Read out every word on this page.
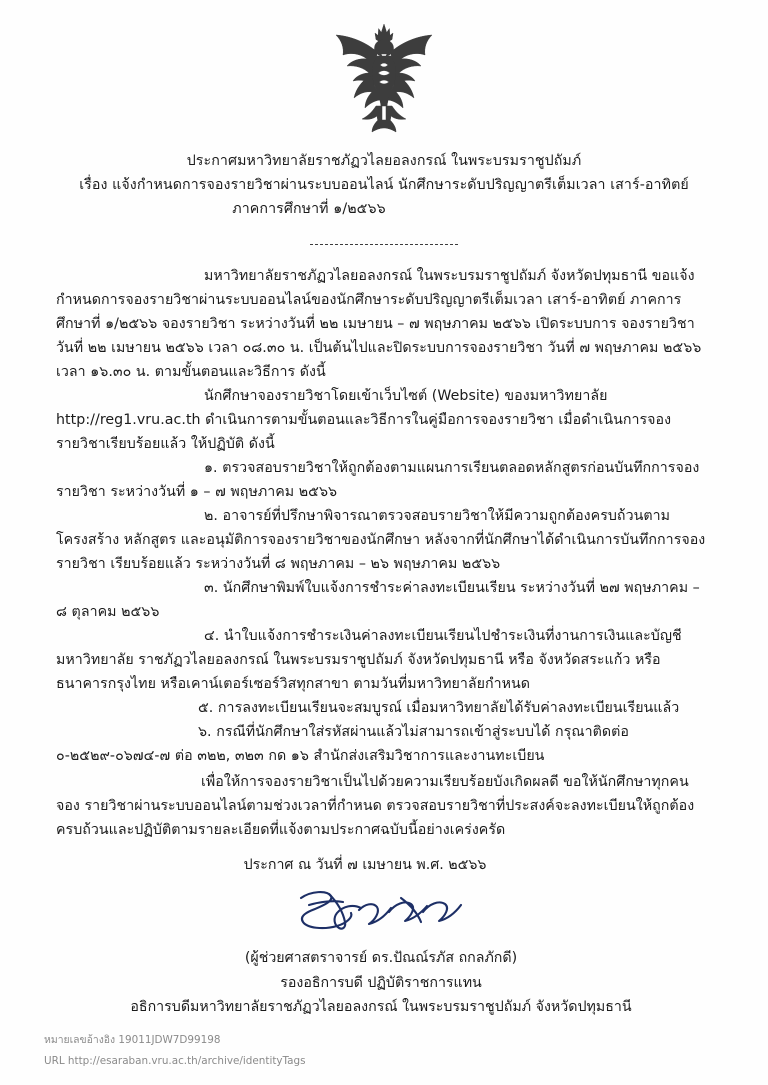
ประกาศมหาวิทยาลัยราชภัฏวไลยอลงกรณ์ ในพระบรมราชูปถัมภ์
เรื่อง แจ้งกำหนดการจองรายวิชาผ่านระบบออนไลน์ นักศึกษาระดับปริญญาตรีเต็มเวลา เสาร์-อาทิตย์
ภาคการศึกษาที่ ๑/๒๕๖๖

มหาวิทยาลัยราชภัฏวไลยอลงกรณ์ ในพระบรมราชูปถัมภ์ จังหวัดปทุมธานี ขอแจ้งกำหนดการจองรายวิชาผ่านระบบออนไลน์ของนักศึกษาระดับปริญญาตรีเต็มเวลา เสาร์-อาทิตย์ ภาคการศึกษาที่ ๑/๒๕๖๖ จองรายวิชา ระหว่างวันที่ ๒๒ เมษายน – ๗ พฤษภาคม ๒๕๖๖ เปิดระบบการ จองรายวิชาวันที่ ๒๒ เมษายน ๒๕๖๖ เวลา ๐๘.๓๐ น. เป็นต้นไปและปิดระบบการจองรายวิชา วันที่ ๗ พฤษภาคม ๒๕๖๖ เวลา ๑๖.๓๐ น. ตามขั้นตอนและวิธีการ ดังนี้

นักศึกษาจองรายวิชาโดยเข้าเว็บไซต์ (Website) ของมหาวิทยาลัย http://reg1.vru.ac.th ดำเนินการตามขั้นตอนและวิธีการในคู่มือการจองรายวิชา เมื่อดำเนินการจองรายวิชาเรียบร้อยแล้ว ให้ปฏิบัติ ดังนี้

๑. ตรวจสอบรายวิชาให้ถูกต้องตามแผนการเรียนตลอดหลักสูตรก่อนบันทึกการจองรายวิชา ระหว่างวันที่ ๑ – ๗ พฤษภาคม ๒๕๖๖

๒. อาจารย์ที่ปรึกษาพิจารณาตรวจสอบรายวิชาให้มีความถูกต้องครบถ้วนตามโครงสร้าง หลักสูตร และอนุมัติการจองรายวิชาของนักศึกษา หลังจากที่นักศึกษาได้ดำเนินการบันทึกการจองรายวิชา เรียบร้อยแล้ว ระหว่างวันที่ ๘ พฤษภาคม – ๒๖ พฤษภาคม ๒๕๖๖

๓. นักศึกษาพิมพ์ใบแจ้งการชำระค่าลงทะเบียนเรียน ระหว่างวันที่ ๒๗ พฤษภาคม – ๘ ตุลาคม ๒๕๖๖

๔. นำใบแจ้งการชำระเงินค่าลงทะเบียนเรียนไปชำระเงินที่งานการเงินและบัญชี มหาวิทยาลัย ราชภัฏวไลยอลงกรณ์ ในพระบรมราชูปถัมภ์ จังหวัดปทุมธานี หรือ จังหวัดสระแก้ว หรือ ธนาคารกรุงไทย หรือเคาน์เตอร์เซอร์วิสทุกสาขา ตามวันที่มหาวิทยาลัยกำหนด

๕. การลงทะเบียนเรียนจะสมบูรณ์ เมื่อมหาวิทยาลัยได้รับค่าลงทะเบียนเรียนแล้ว

๖. กรณีที่นักศึกษาใส่รหัสผ่านแล้วไม่สามารถเข้าสู่ระบบได้ กรุณาติดต่อ ๐-๒๕๒๙-๐๖๗๔-๗ ต่อ ๓๒๒, ๓๒๓ กด ๑๖ สำนักส่งเสริมวิชาการและงานทะเบียน

เพื่อให้การจองรายวิชาเป็นไปด้วยความเรียบร้อยบังเกิดผลดี ขอให้นักศึกษาทุกคนจอง รายวิชาผ่านระบบออนไลน์ตามช่วงเวลาที่กำหนด ตรวจสอบรายวิชาที่ประสงค์จะลงทะเบียนให้ถูกต้อง ครบถ้วนและปฏิบัติตามรายละเอียดที่แจ้งตามประกาศฉบับนี้อย่างเคร่งครัด

ประกาศ ณ วันที่ ๗ เมษายน พ.ศ. ๒๕๖๖
(ผู้ช่วยศาสตราจารย์ ดร.ปัณณ์รภัส ถกลภักดี)
รองอธิการบดี ปฏิบัติราชการแทน
อธิการบดีมหาวิทยาลัยราชภัฏวไลยอลงกรณ์ ในพระบรมราชูปถัมภ์ จังหวัดปทุมธานี
หมายเลขอ้างอิง 19011JDW7D99198
URL http://esaraban.vru.ac.th/archive/identityTags
